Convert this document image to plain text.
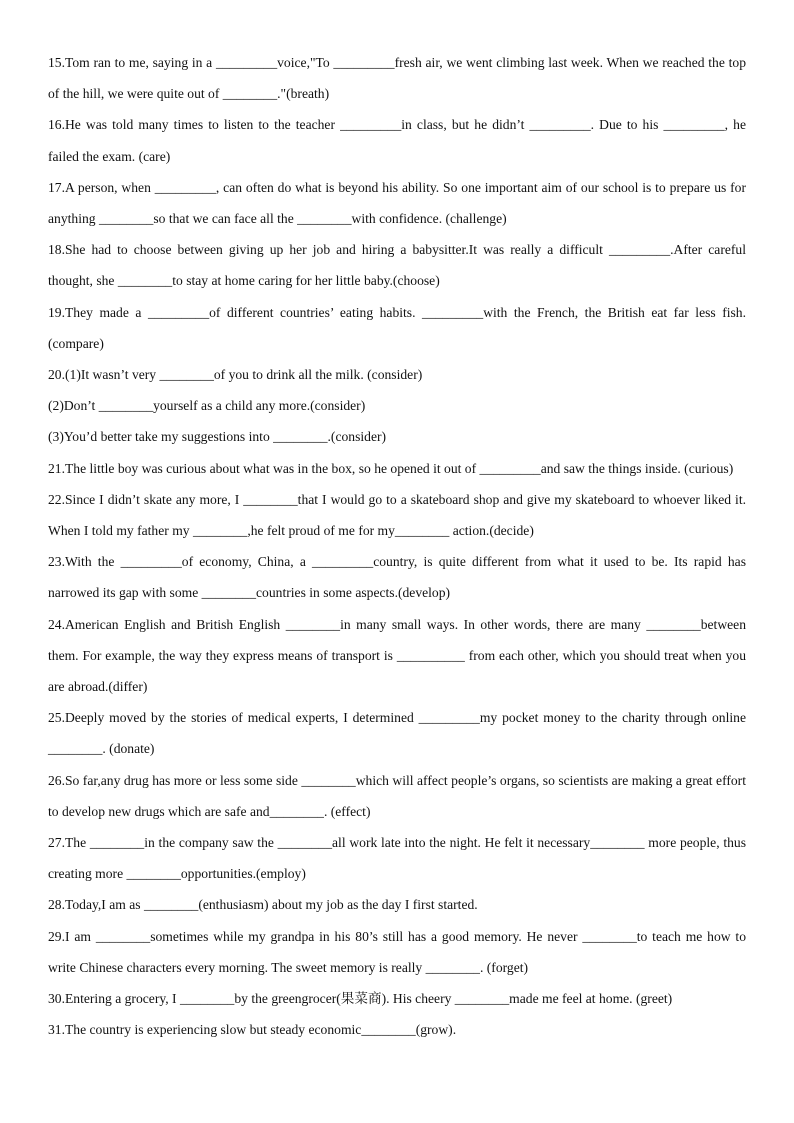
15.Tom ran to me, saying in a _________voice,"To _________fresh air, we went climbing last week. When we reached the top of the hill, we were quite out of ________."(breath)

16.He was told many times to listen to the teacher _________in class, but he didn’t _________. Due to his _________, he failed the exam. (care)

17.A person, when _________, can often do what is beyond his ability. So one important aim of our school is to prepare us for anything ________so that we can face all the ________with confidence. (challenge)

18.She had to choose between giving up her job and hiring a babysitter.It was really a difficult _________.After careful thought, she ________to stay at home caring for her little baby.(choose)

19.They made a _________of different countries’ eating habits. _________with the French, the British eat far less fish. (compare)

20.(1)It wasn’t very ________of you to drink all the milk. (consider)

(2)Don’t ________yourself as a child any more.(consider)

(3)You’d better take my suggestions into ________.(consider)

21.The little boy was curious about what was in the box, so he opened it out of _________and saw the things inside. (curious)

22.Since I didn’t skate any more, I ________that I would go to a skateboard shop and give my skateboard to whoever liked it. When I told my father my ________,he felt proud of me for my________ action.(decide)

23.With the _________of economy, China, a _________country, is quite different from what it used to be. Its rapid has narrowed its gap with some ________countries in some aspects.(develop)

24.American English and British English ________in many small ways. In other words, there are many ________between them. For example, the way they express means of transport is __________ from each other, which you should treat when you are abroad.(differ)

25.Deeply moved by the stories of medical experts, I determined _________my pocket money to the charity through online ________. (donate)

26.So far,any drug has more or less some side ________which will affect people’s organs, so scientists are making a great effort to develop new drugs which are safe and________. (effect)

27.The ________in the company saw the ________all work late into the night. He felt it necessary________ more people, thus creating more ________opportunities.(employ)

28.Today,I am as ________(enthusiasm) about my job as the day I first started.

29.I am ________sometimes while my grandpa in his 80’s still has a good memory. He never ________to teach me how to write Chinese characters every morning. The sweet memory is really ________. (forget)

30.Entering a grocery, I ________by the greengrocer(果菜商). His cheery ________made me feel at home. (greet)

31.The country is experiencing slow but steady economic________(grow).
